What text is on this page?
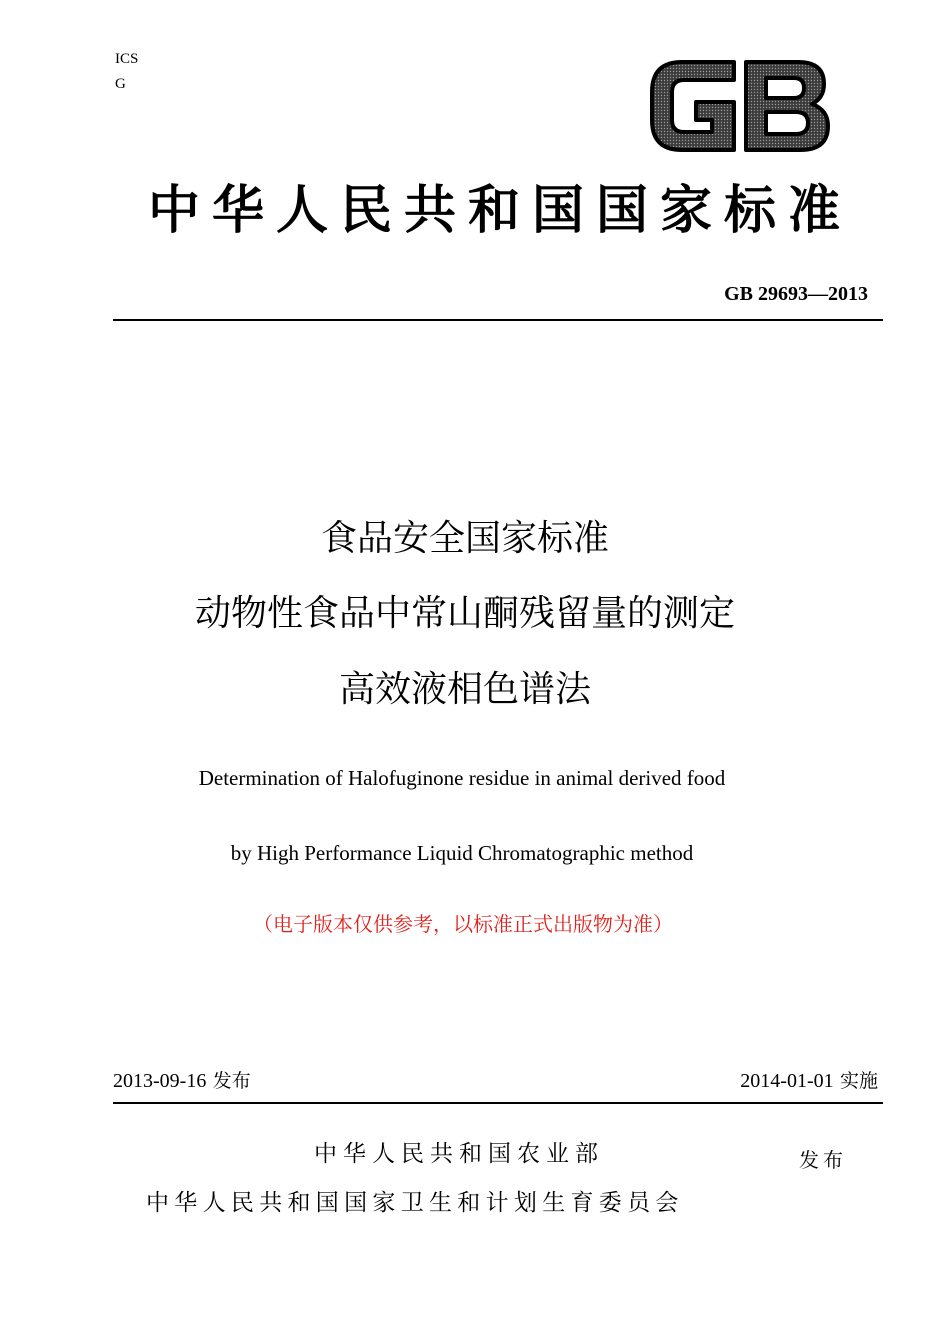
ICS
G
中华人民共和国国家标准
GB 29693—2013
食品安全国家标准
动物性食品中常山酮残留量的测定
高效液相色谱法
Determination of Halofuginone residue in animal derived food
by High Performance Liquid Chromatographic method
（电子版本仅供参考，以标准正式出版物为准）
2013-09-16 发布	2014-01-01 实施
中华人民共和国农业部	发布
中华人民共和国国家卫生和计划生育委员会
